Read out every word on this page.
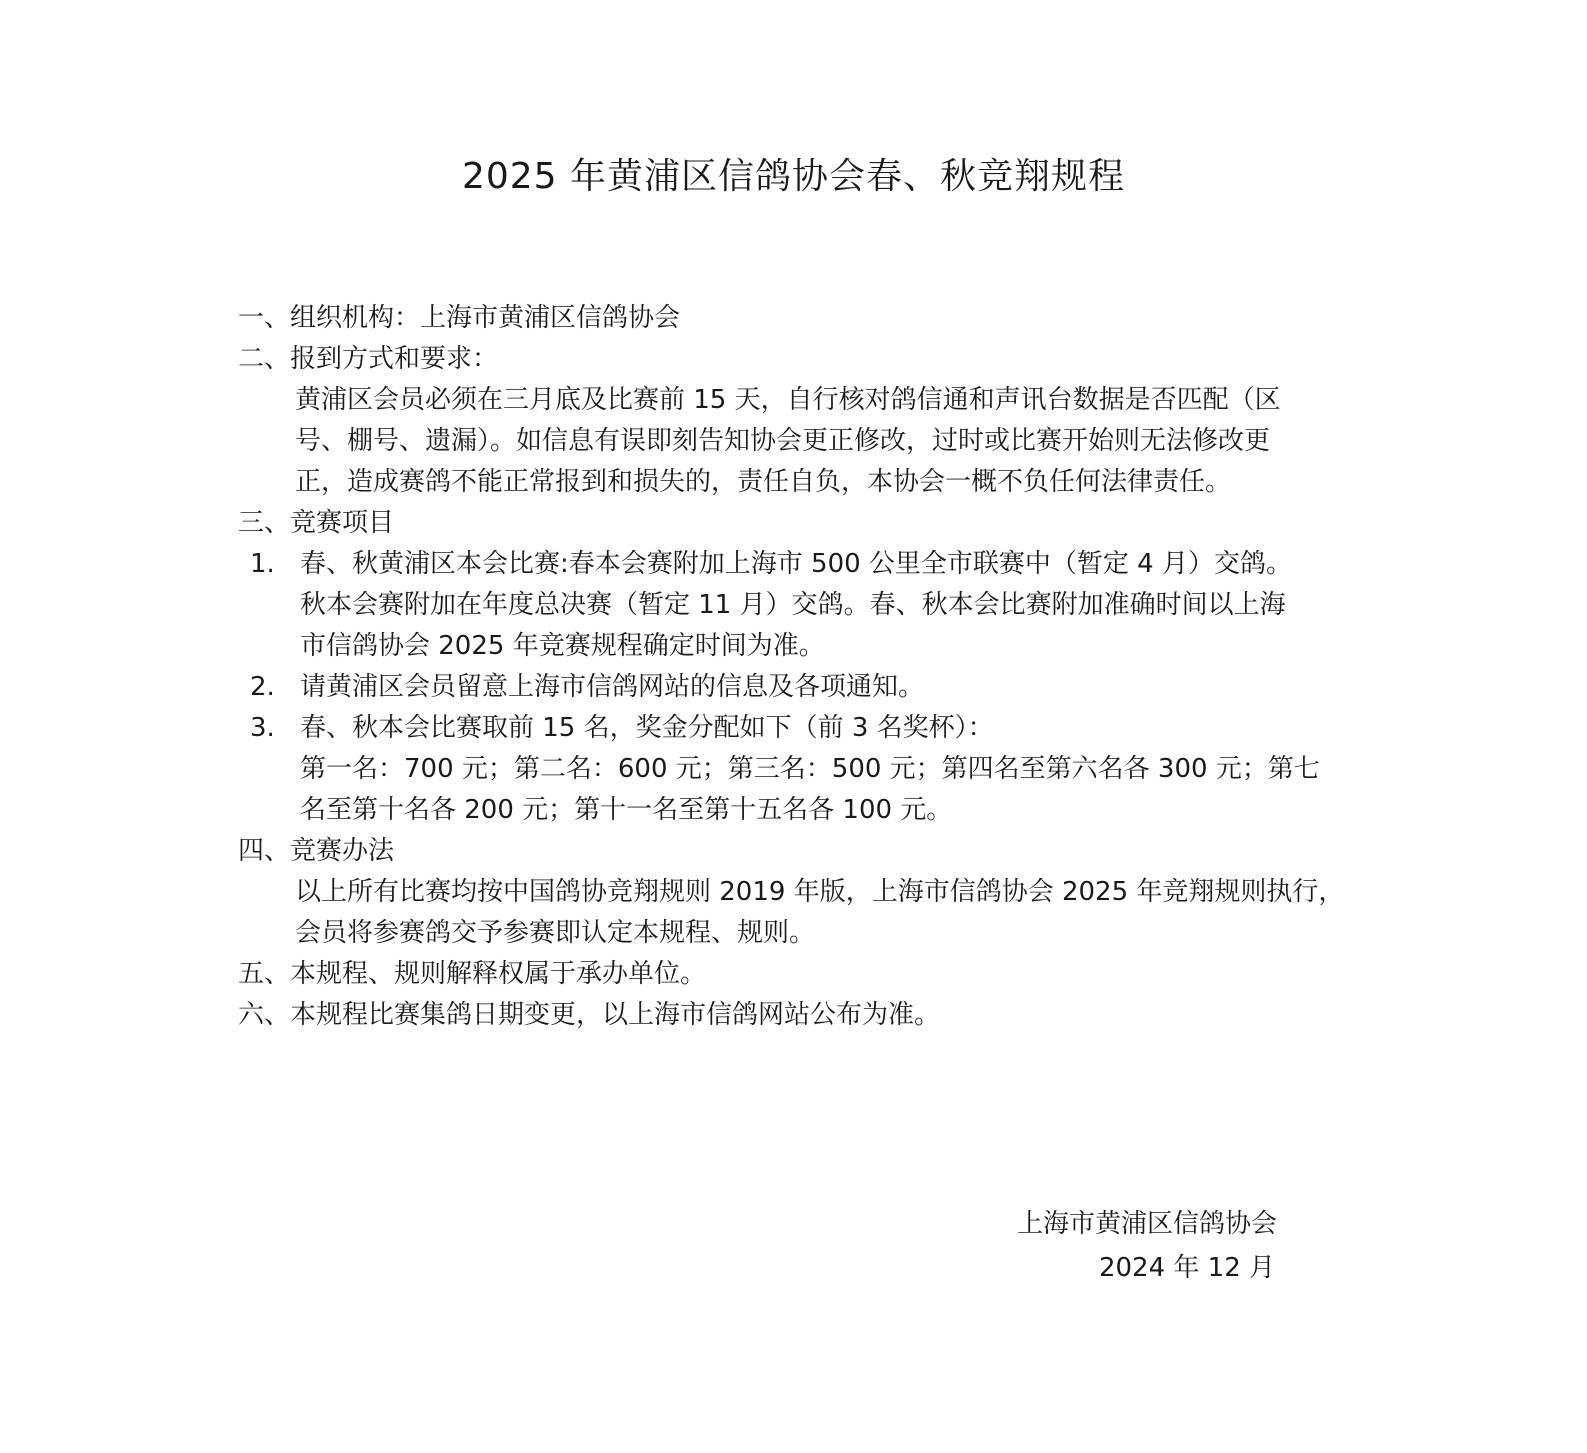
2025 年黄浦区信鸽协会春、秋竞翔规程
一、组织机构：上海市黄浦区信鸽协会
二、报到方式和要求：
黄浦区会员必须在三月底及比赛前 15 天，自行核对鸽信通和声讯台数据是否匹配（区
号、棚号、遗漏）。如信息有误即刻告知协会更正修改，过时或比赛开始则无法修改更
正，造成赛鸽不能正常报到和损失的，责任自负，本协会一概不负任何法律责任。
三、竞赛项目
1. 春、秋黄浦区本会比赛:春本会赛附加上海市 500 公里全市联赛中（暂定 4 月）交鸽。
秋本会赛附加在年度总决赛（暂定 11 月）交鸽。春、秋本会比赛附加准确时间以上海
市信鸽协会 2025 年竞赛规程确定时间为准。
2. 请黄浦区会员留意上海市信鸽网站的信息及各项通知。
3. 春、秋本会比赛取前 15 名，奖金分配如下（前 3 名奖杯）：
第一名：700 元；第二名：600 元；第三名：500 元；第四名至第六名各 300 元；第七
名至第十名各 200 元；第十一名至第十五名各 100 元。
四、竞赛办法
以上所有比赛均按中国鸽协竞翔规则 2019 年版，上海市信鸽协会 2025 年竞翔规则执行，
会员将参赛鸽交予参赛即认定本规程、规则。
五、本规程、规则解释权属于承办单位。
六、本规程比赛集鸽日期变更，以上海市信鸽网站公布为准。
上海市黄浦区信鸽协会
2024 年 12 月
